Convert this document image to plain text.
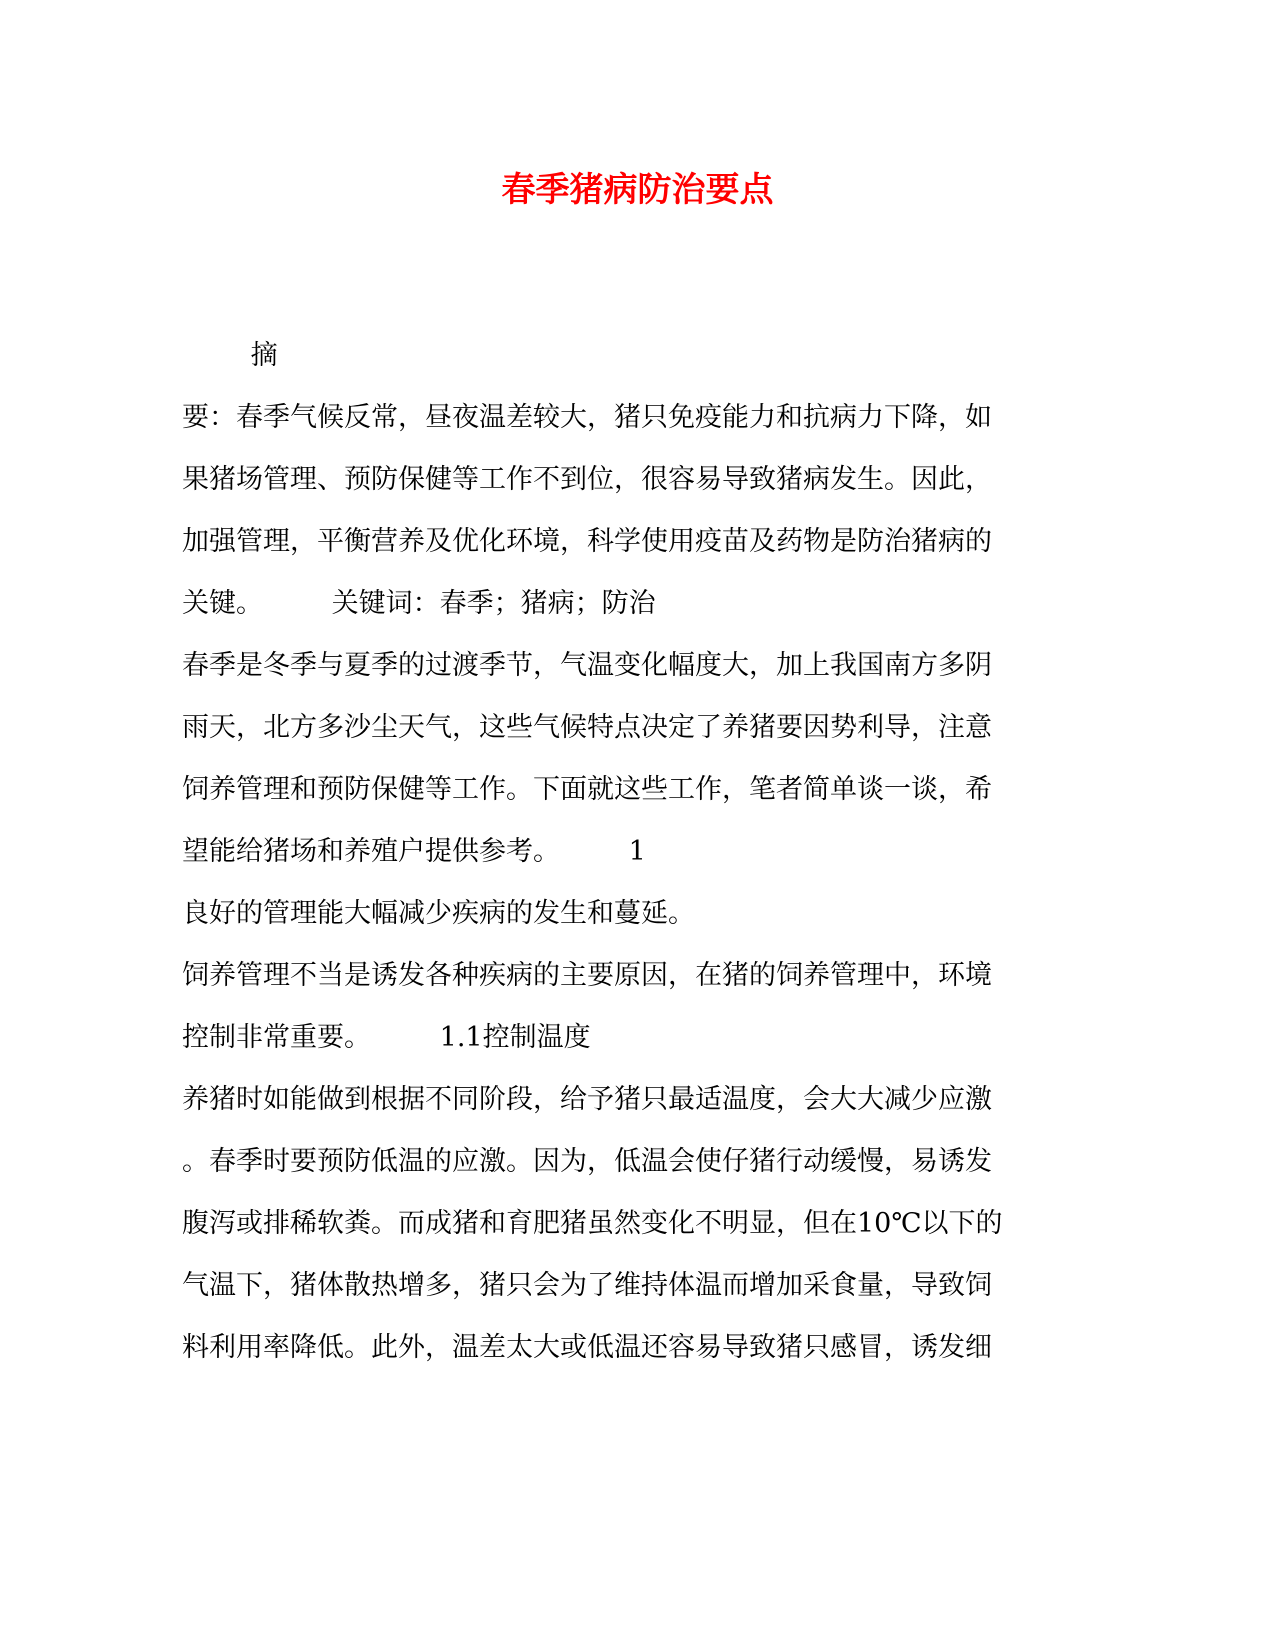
春季猪病防治要点
摘
要：春季气候反常，昼夜温差较大，猪只免疫能力和抗病力下降，如
果猪场管理、预防保健等工作不到位，很容易导致猪病发生。因此，
加强管理，平衡营养及优化环境，科学使用疫苗及药物是防治猪病的
关键。        关键词：春季；猪病；防治
春季是冬季与夏季的过渡季节，气温变化幅度大，加上我国南方多阴
雨天，北方多沙尘天气，这些气候特点决定了养猪要因势利导，注意
饲养管理和预防保健等工作。下面就这些工作，笔者简单谈一谈，希
望能给猪场和养殖户提供参考。        1
良好的管理能大幅减少疾病的发生和蔓延。
饲养管理不当是诱发各种疾病的主要原因，在猪的饲养管理中，环境
控制非常重要。        1.1控制温度
养猪时如能做到根据不同阶段，给予猪只最适温度，会大大减少应激
。春季时要预防低温的应激。因为，低温会使仔猪行动缓慢，易诱发
腹泻或排稀软粪。而成猪和育肥猪虽然变化不明显，但在10℃以下的
气温下，猪体散热增多，猪只会为了维持体温而增加采食量，导致饲
料利用率降低。此外，温差太大或低温还容易导致猪只感冒，诱发细
